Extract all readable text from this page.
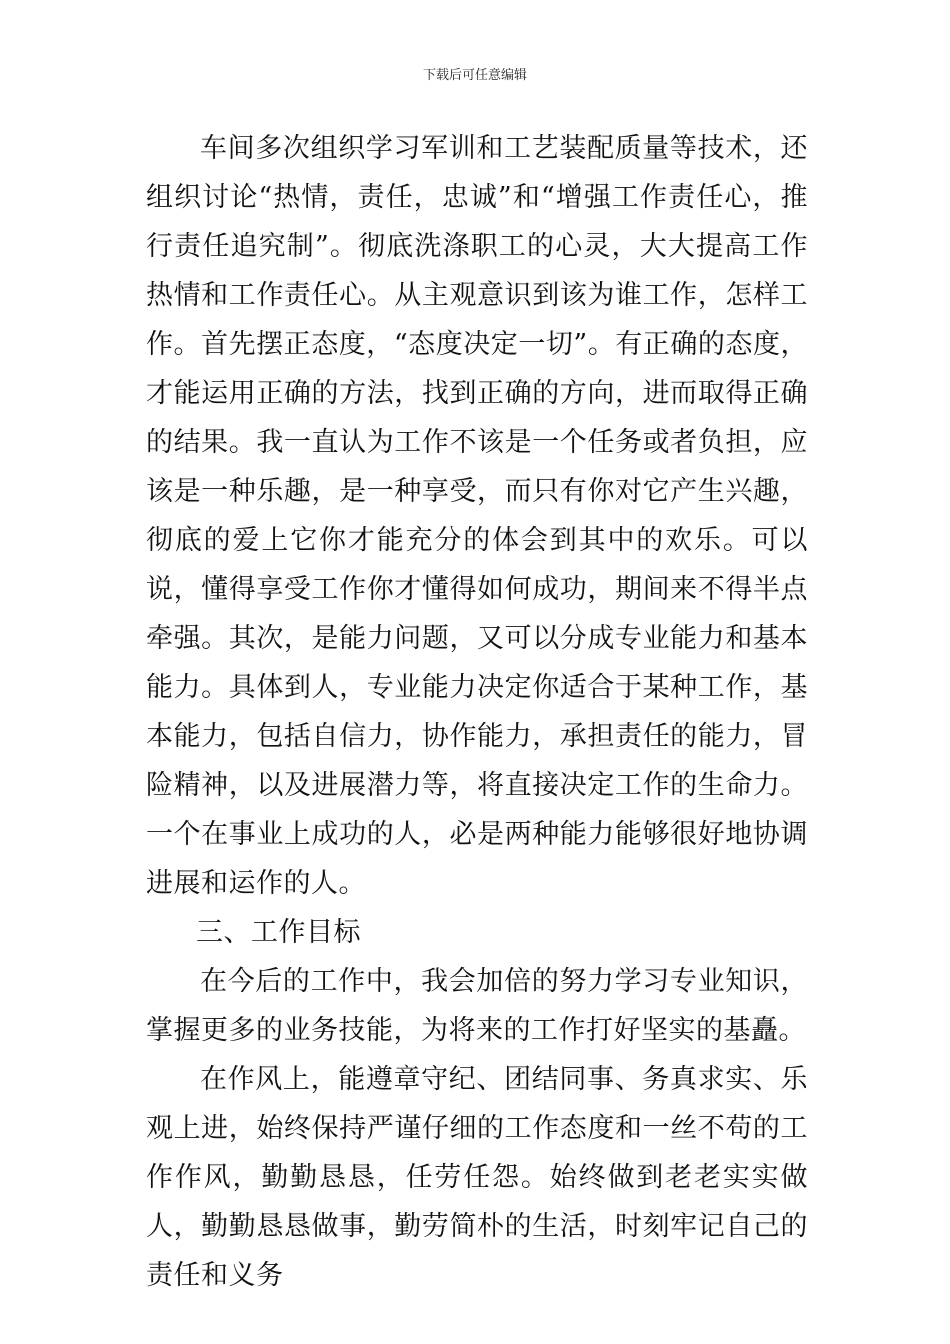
下载后可任意编辑

车间多次组织学习军训和工艺装配质量等技术，还组织讨论“热情，责任，忠诚”和“增强工作责任心，推行责任追究制”。彻底洗涤职工的心灵，大大提高工作热情和工作责任心。从主观意识到该为谁工作，怎样工作。首先摆正态度，“态度决定一切”。有正确的态度，才能运用正确的方法，找到正确的方向，进而取得正确的结果。我一直认为工作不该是一个任务或者负担，应该是一种乐趣，是一种享受，而只有你对它产生兴趣，彻底的爱上它你才能充分的体会到其中的欢乐。可以说，懂得享受工作你才懂得如何成功，期间来不得半点牵强。其次，是能力问题，又可以分成专业能力和基本能力。具体到人，专业能力决定你适合于某种工作，基本能力，包括自信力，协作能力，承担责任的能力，冒险精神，以及进展潜力等，将直接决定工作的生命力。一个在事业上成功的人，必是两种能力能够很好地协调进展和运作的人。

三、工作目标

在今后的工作中，我会加倍的努力学习专业知识，掌握更多的业务技能，为将来的工作打好坚实的基矗。

在作风上，能遵章守纪、团结同事、务真求实、乐观上进，始终保持严谨仔细的工作态度和一丝不苟的工作作风，勤勤恳恳，任劳任怨。始终做到老老实实做人，勤勤恳恳做事，勤劳简朴的生活，时刻牢记自己的责任和义务
